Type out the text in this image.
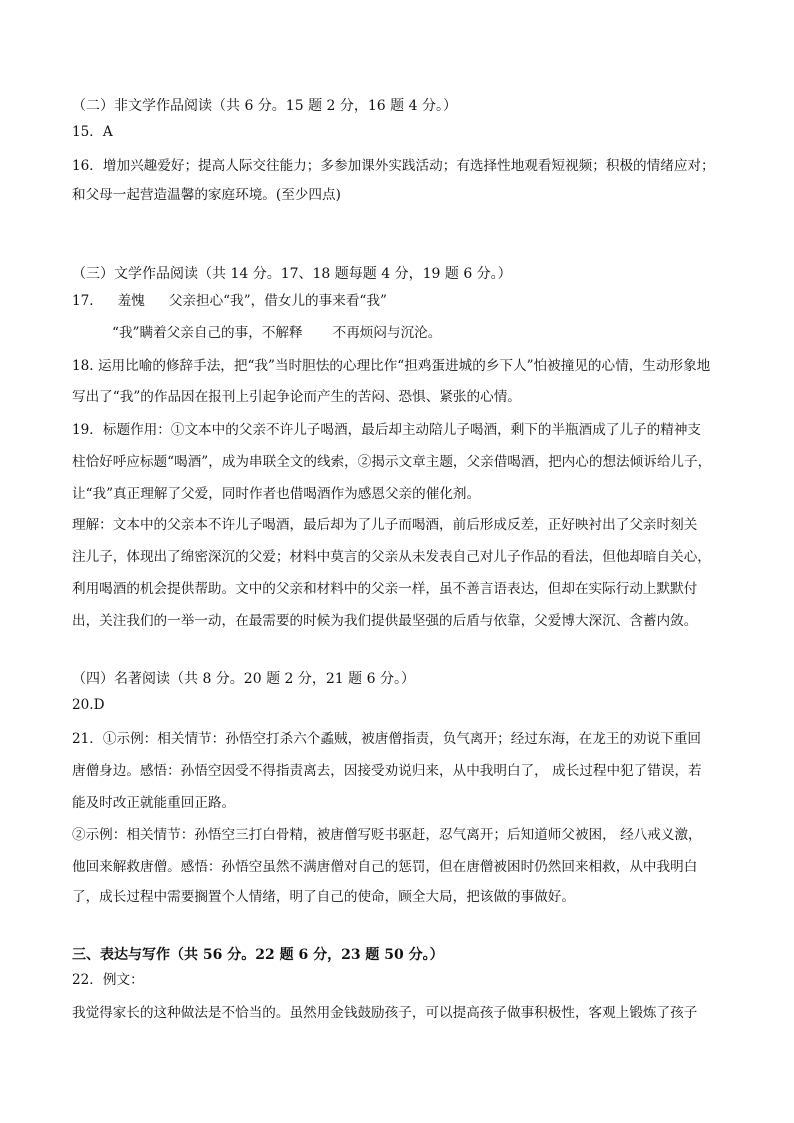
（二）非文学作品阅读（共 6 分。15 题 2 分，16 题 4 分。）
15．A
16．增加兴趣爱好；提高人际交往能力；多参加课外实践活动；有选择性地观看短视频；积极的情绪应对；
和父母一起营造温馨的家庭环境。(至少四点)
（三）文学作品阅读（共 14 分。17、18 题每题 4 分，19 题 6 分。）
17. 羞愧 父亲担心“我”，借女儿的事来看“我”
“我”瞒着父亲自己的事，不解释 不再烦闷与沉沦。
18. 运用比喻的修辞手法，把“我”当时胆怯的心理比作“担鸡蛋进城的乡下人”怕被撞见的心情，生动形象地
写出了“我”的作品因在报刊上引起争论而产生的苦闷、恐惧、紧张的心情。
19．标题作用：①文本中的父亲不许儿子喝酒，最后却主动陪儿子喝酒，剩下的半瓶酒成了儿子的精神支
柱恰好呼应标题“喝酒”，成为串联全文的线索，②揭示文章主题，父亲借喝酒，把内心的想法倾诉给儿子，
让“我”真正理解了父爱，同时作者也借喝酒作为感恩父亲的催化剂。
理解：文本中的父亲本不许儿子喝酒，最后却为了儿子而喝酒，前后形成反差，正好映衬出了父亲时刻关
注儿子，体现出了绵密深沉的父爱；材料中莫言的父亲从未发表自己对儿子作品的看法，但他却暗自关心，
利用喝酒的机会提供帮助。文中的父亲和材料中的父亲一样，虽不善言语表达，但却在实际行动上默默付
出，关注我们的一举一动，在最需要的时候为我们提供最坚强的后盾与依靠，父爱博大深沉、含蓄内敛。
（四）名著阅读（共 8 分。20 题 2 分，21 题 6 分。）
20.D
21．①示例：相关情节：孙悟空打杀六个蟊贼，被唐僧指责，负气离开；经过东海，在龙王的劝说下重回
唐僧身边。感悟：孙悟空因受不得指责离去，因接受劝说归来，从中我明白了， 成长过程中犯了错误，若
能及时改正就能重回正路。
②示例：相关情节：孙悟空三打白骨精，被唐僧写贬书驱赶，忍气离开；后知道师父被困， 经八戒义激，
他回来解救唐僧。感悟：孙悟空虽然不满唐僧对自己的惩罚，但在唐僧被困时仍然回来相救，从中我明白
了，成长过程中需要搁置个人情绪，明了自己的使命，顾全大局，把该做的事做好。
三、表达与写作（共 56 分。22 题 6 分，23 题 50 分。）
22．例文：
我觉得家长的这种做法是不恰当的。虽然用金钱鼓励孩子，可以提高孩子做事积极性，客观上锻炼了孩子
